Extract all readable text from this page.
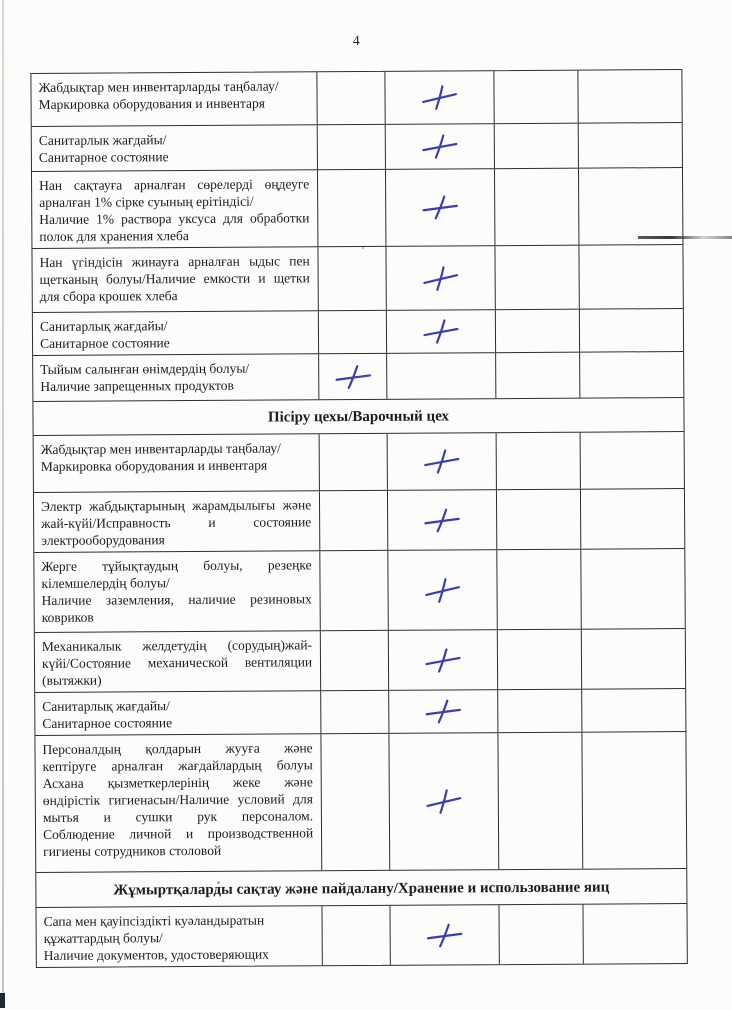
4
Жабдықтар мен инвентарларды таңбалау/
Маркировка оборудования и инвентаря
Санитарлык жағдайы/
Санитарное состояние
Нан сақтауға арналған сөрелерді өңдеуге
арналған 1% сірке суының ерітіндісі/
Наличие 1% раствора уксуса для обработки
полок для хранения хлеба
Нан үгіндісін жинауға арналған ыдыс пен
щетканың болуы/Наличие емкости и щетки
для сбора крошек хлеба
Санитарлық жағдайы/
Санитарное состояние
Тыйым салынған өнімдердің болуы/
Наличие запрещенных продуктов
Пісіру цехы/Варочный цех
Жабдықтар мен инвентарларды таңбалау/
Маркировка оборудования и инвентаря
Электр жабдықтарының жарамдылығы және
жай-күйі/Исправность и состояние
электрооборудования
Жерге тұйықтаудың болуы, резеңке
кілемшелердің болуы/
Наличие заземления, наличие резиновых
ковриков
Механикалык желдетудің (сорудың)жай-
күйі/Состояние механической вентиляции
(вытяжки)
Санитарлық жағдайы/
Санитарное состояние
Персоналдың қолдарын жууға және
кептіруге арналған жағдайлардың болуы
Асхана қызметкерлерінің жеке және
өндірістік гигиенасын/Наличие условий для
мытья и сушки рук персоналом.
Соблюдение личной и производственной
гигиены сотрудников столовой
Жұмыртқаларды сақтау және пайдалану/Хранение и использование яиц
Сапа мен қауіпсіздікті куәландыратын
құжаттардың болуы/
Наличие документов, удостоверяющих
